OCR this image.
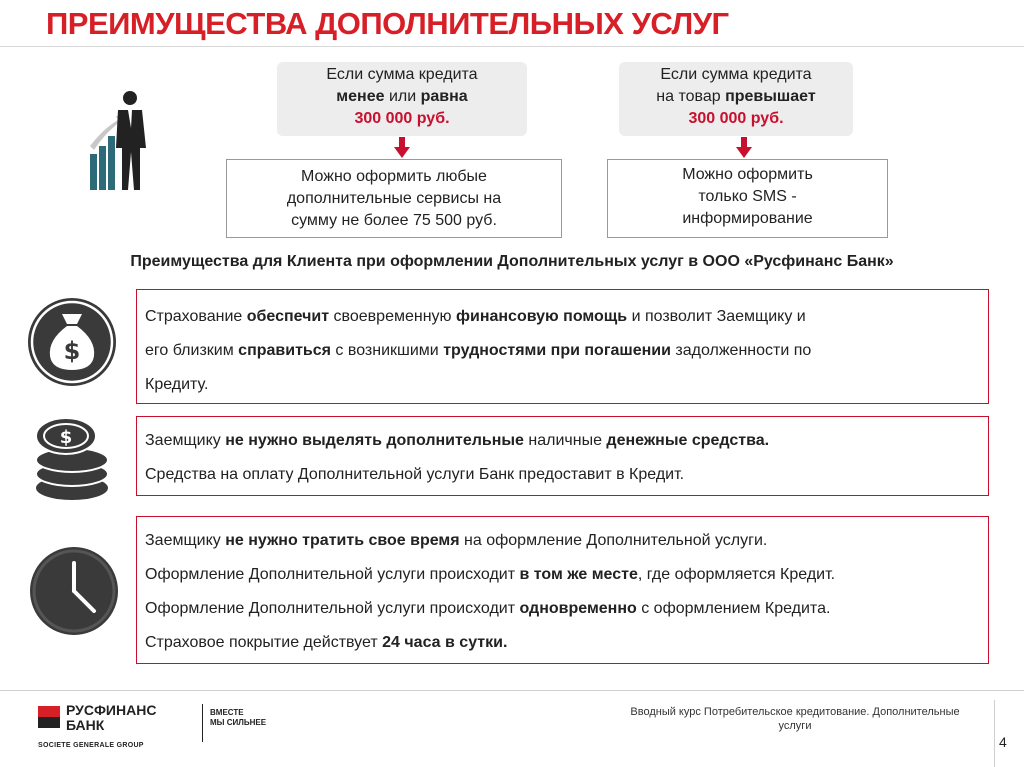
ПРЕИМУЩЕСТВА ДОПОЛНИТЕЛЬНЫХ УСЛУГ
Если сумма кредита
менее или равна
300 000 руб.
Если сумма кредита
на товар превышает
300 000 руб.
Можно оформить любые
дополнительные сервисы на
сумму не более 75 500 руб.
Можно оформить
только SMS -
информирование
Преимущества для Клиента при оформлении Дополнительных услуг в ООО «Русфинанс Банк»
$
$
Страхование обеспечит своевременную финансовую помощь и позволит Заемщику и
его близким справиться с возникшими трудностями при погашении задолженности по
Кредиту.
Заемщику не нужно выделять дополнительные наличные денежные средства.
Средства на оплату Дополнительной услуги Банк предоставит в Кредит.
Заемщику не нужно тратить свое время на оформление Дополнительной услуги.
Оформление Дополнительной услуги происходит в том же месте, где оформляется Кредит.
Оформление Дополнительной услуги происходит одновременно с оформлением Кредита.
Страховое покрытие действует 24 часа в сутки.
РУСФИНАНС
БАНК
SOCIETE GENERALE GROUP
ВМЕСТЕ
МЫ СИЛЬНЕЕ
Вводный курс Потребительское кредитование. Дополнительные
услуги
4
